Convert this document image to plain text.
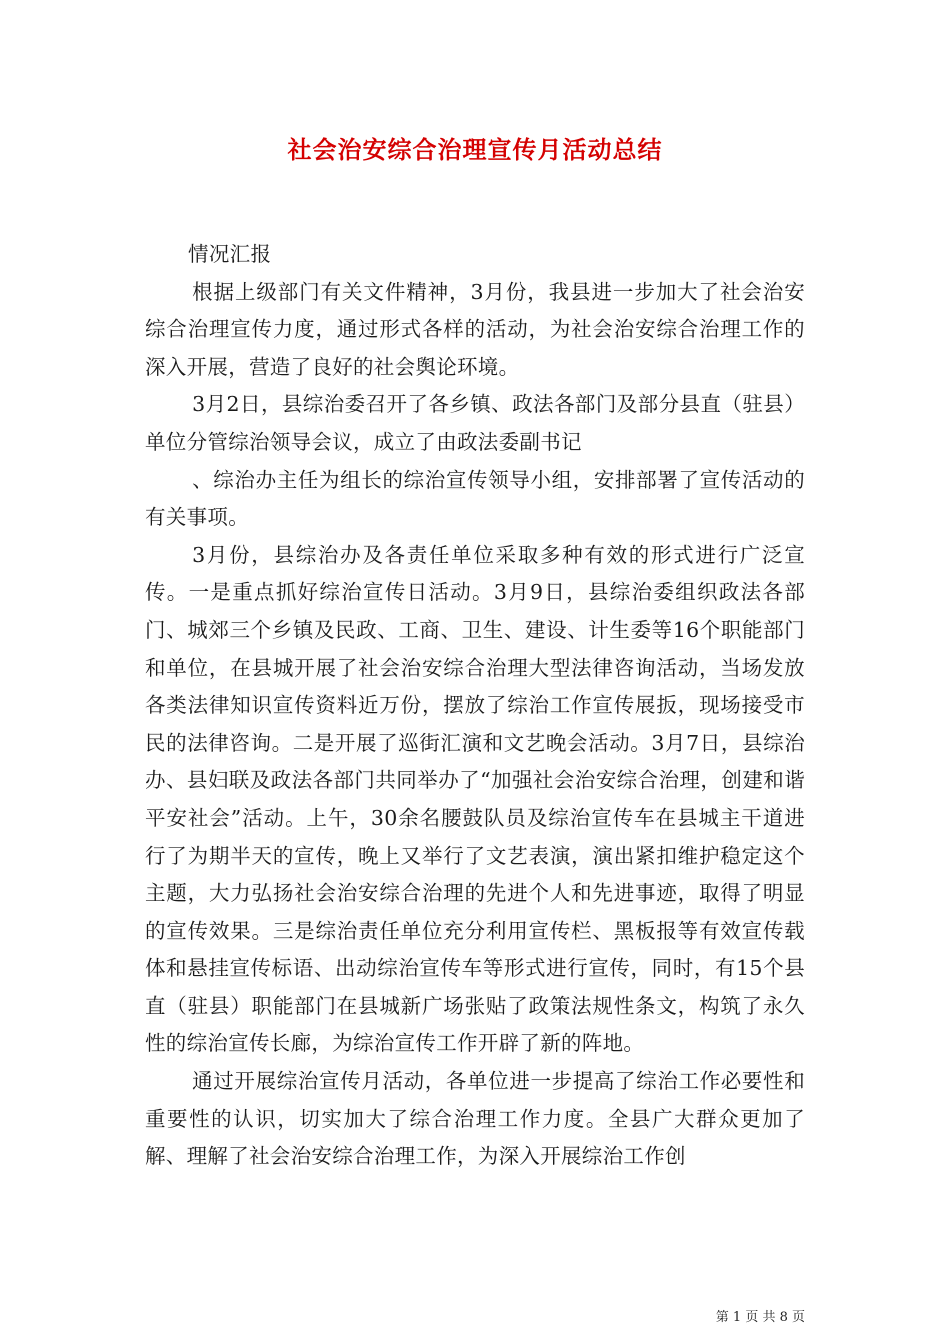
社会治安综合治理宣传月活动总结

情况汇报

根据上级部门有关文件精神，3月份，我县进一步加大了社会治安综合治理宣传力度，通过形式各样的活动，为社会治安综合治理工作的深入开展，营造了良好的社会舆论环境。

3月2日，县综治委召开了各乡镇、政法各部门及部分县直（驻县）单位分管综治领导会议，成立了由政法委副书记

、综治办主任为组长的综治宣传领导小组，安排部署了宣传活动的有关事项。

3月份，县综治办及各责任单位采取多种有效的形式进行广泛宣传。一是重点抓好综治宣传日活动。3月9日，县综治委组织政法各部门、城郊三个乡镇及民政、工商、卫生、建设、计生委等16个职能部门和单位，在县城开展了社会治安综合治理大型法律咨询活动，当场发放各类法律知识宣传资料近万份，摆放了综治工作宣传展扳，现场接受市民的法律咨询。二是开展了巡街汇演和文艺晚会活动。3月7日，县综治办、县妇联及政法各部门共同举办了“加强社会治安综合治理，创建和谐平安社会”活动。上午，30余名腰鼓队员及综治宣传车在县城主干道进行了为期半天的宣传，晚上又举行了文艺表演，演出紧扣维护稳定这个主题，大力弘扬社会治安综合治理的先进个人和先进事迹，取得了明显的宣传效果。三是综治责任单位充分利用宣传栏、黑板报等有效宣传载体和悬挂宣传标语、出动综治宣传车等形式进行宣传，同时，有15个县直（驻县）职能部门在县城新广场张贴了政策法规性条文，构筑了永久性的综治宣传长廊，为综治宣传工作开辟了新的阵地。

通过开展综治宣传月活动，各单位进一步提高了综治工作必要性和重要性的认识，切实加大了综合治理工作力度。全县广大群众更加了解、理解了社会治安综合治理工作，为深入开展综治工作创

第 1 页 共 8 页
